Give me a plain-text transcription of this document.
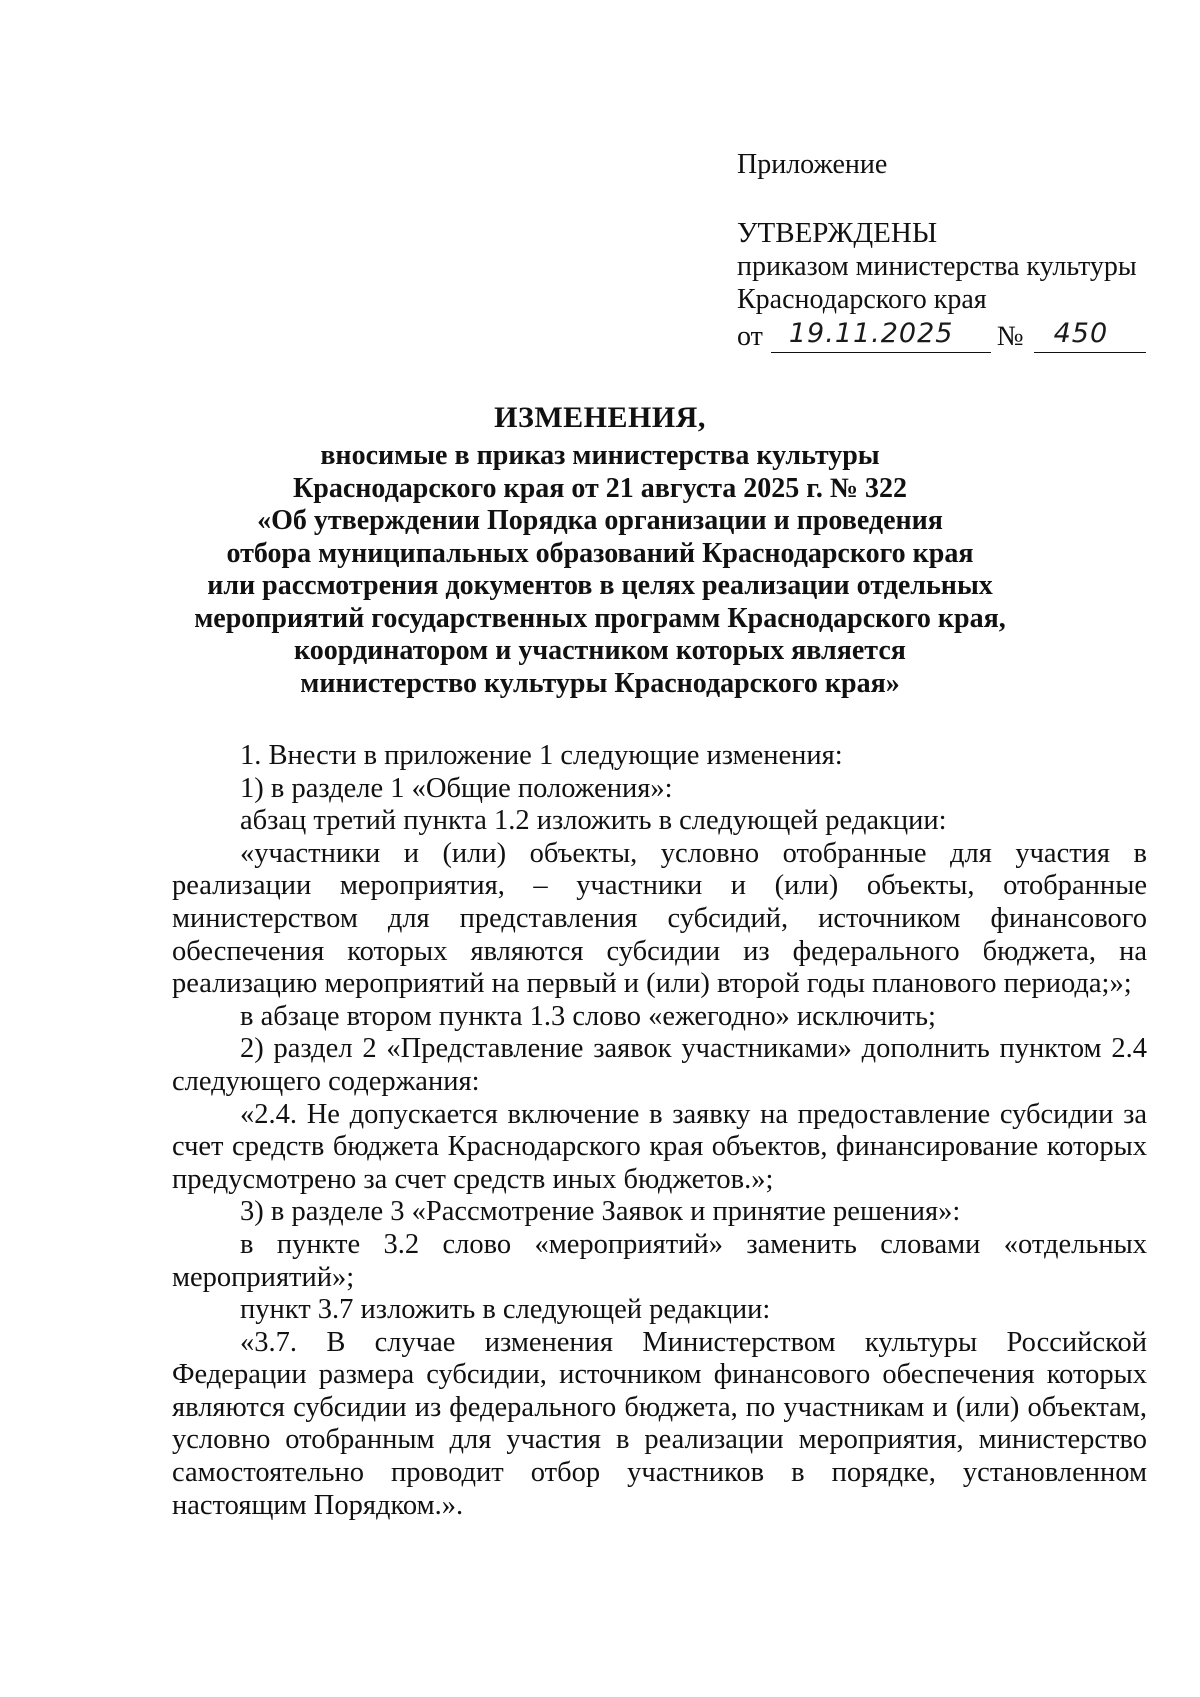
Приложение

УТВЕРЖДЕНЫ

приказом министерства культуры

Краснодарского края

от 19.11.2025 № 450

ИЗМЕНЕНИЯ,

вносимые в приказ министерства культуры

Краснодарского края от 21 августа 2025 г. № 322

«Об утверждении Порядка организации и проведения

отбора муниципальных образований Краснодарского края

или рассмотрения документов в целях реализации отдельных

мероприятий государственных программ Краснодарского края,

координатором и участником которых является

министерство культуры Краснодарского края»

1. Внести в приложение 1 следующие изменения:

1) в разделе 1 «Общие положения»:

абзац третий пункта 1.2 изложить в следующей редакции:

«участники и (или) объекты, условно отобранные для участия в реализации мероприятия, – участники и (или) объекты, отобранные министерством для представления субсидий, источником финансового обеспечения которых являются субсидии из федерального бюджета, на реализацию мероприятий на первый и (или) второй годы планового периода;»;

в абзаце втором пункта 1.3 слово «ежегодно» исключить;

2) раздел 2 «Представление заявок участниками» дополнить пунктом 2.4 следующего содержания:

«2.4. Не допускается включение в заявку на предоставление субсидии за счет средств бюджета Краснодарского края объектов, финансирование которых предусмотрено за счет средств иных бюджетов.»;

3) в разделе 3 «Рассмотрение Заявок и принятие решения»:

в пункте 3.2 слово «мероприятий» заменить словами «отдельных мероприятий»;

пункт 3.7 изложить в следующей редакции:

«3.7. В случае изменения Министерством культуры Российской Федерации размера субсидии, источником финансового обеспечения которых являются субсидии из федерального бюджета, по участникам и (или) объектам, условно отобранным для участия в реализации мероприятия, министерство самостоятельно проводит отбор участников в порядке, установленном настоящим Порядком.».
